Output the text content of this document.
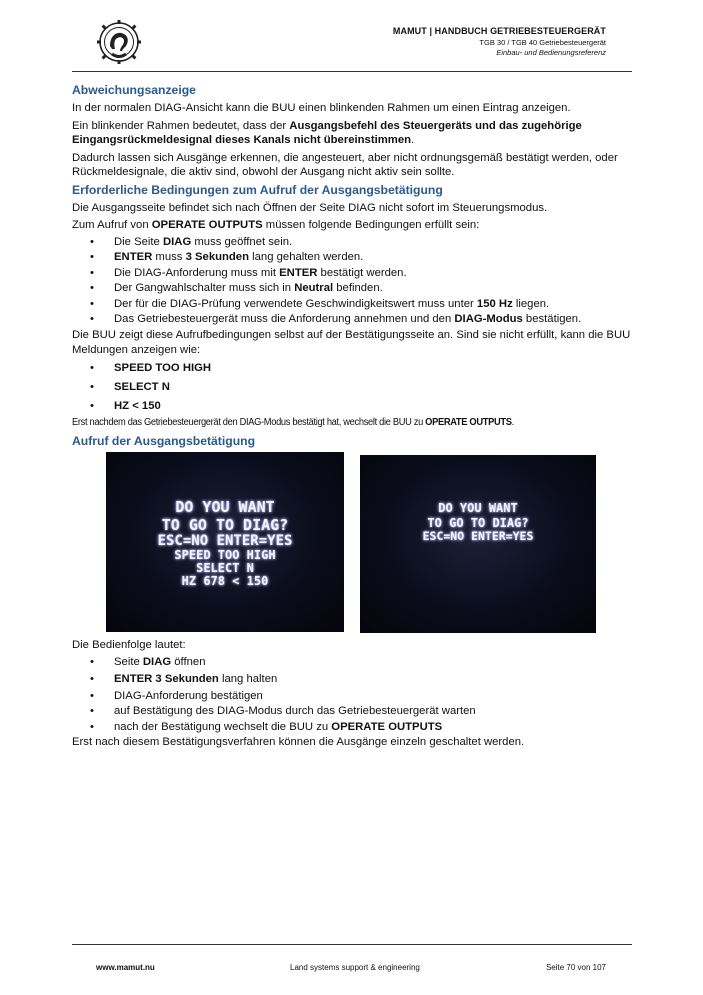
MAMUT | HANDBUCH GETRIEBESTEUERGERÄT
TGB 30 / TGB 40 Getriebesteuergerät
Einbau- und Bedienungsreferenz
Abweichungsanzeige
In der normalen DIAG-Ansicht kann die BUU einen blinkenden Rahmen um einen Eintrag anzeigen.
Ein blinkender Rahmen bedeutet, dass der Ausgangsbefehl des Steuergeräts und das zugehörige Eingangsrückmeldesignal dieses Kanals nicht übereinstimmen.
Dadurch lassen sich Ausgänge erkennen, die angesteuert, aber nicht ordnungsgemäß bestätigt werden, oder Rückmeldesignale, die aktiv sind, obwohl der Ausgang nicht aktiv sein sollte.
Erforderliche Bedingungen zum Aufruf der Ausgangsbetätigung
Die Ausgangsseite befindet sich nach Öffnen der Seite DIAG nicht sofort im Steuerungsmodus.
Zum Aufruf von OPERATE OUTPUTS müssen folgende Bedingungen erfüllt sein:
• Die Seite DIAG muss geöffnet sein.
• ENTER muss 3 Sekunden lang gehalten werden.
• Die DIAG-Anforderung muss mit ENTER bestätigt werden.
• Der Gangwahlschalter muss sich in Neutral befinden.
• Der für die DIAG-Prüfung verwendete Geschwindigkeitswert muss unter 150 Hz liegen.
• Das Getriebesteuergerät muss die Anforderung annehmen und den DIAG-Modus bestätigen.
Die BUU zeigt diese Aufrufbedingungen selbst auf der Bestätigungsseite an. Sind sie nicht erfüllt, kann die BUU Meldungen anzeigen wie:
• SPEED TOO HIGH
• SELECT N
• HZ < 150
Erst nachdem das Getriebesteuergerät den DIAG-Modus bestätigt hat, wechselt die BUU zu OPERATE OUTPUTS.
Aufruf der Ausgangsbetätigung
DO YOU WANT
TO GO TO DIAG?
ESC=NO ENTER=YES
SPEED TOO HIGH
SELECT N
HZ 678 < 150
DO YOU WANT
TO GO TO DIAG?
ESC=NO ENTER=YES
Die Bedienfolge lautet:
• Seite DIAG öffnen
• ENTER 3 Sekunden lang halten
• DIAG-Anforderung bestätigen
• auf Bestätigung des DIAG-Modus durch das Getriebesteuergerät warten
• nach der Bestätigung wechselt die BUU zu OPERATE OUTPUTS
Erst nach diesem Bestätigungsverfahren können die Ausgänge einzeln geschaltet werden.
www.mamut.nu	Land systems support & engineering	Seite 70 von 107
